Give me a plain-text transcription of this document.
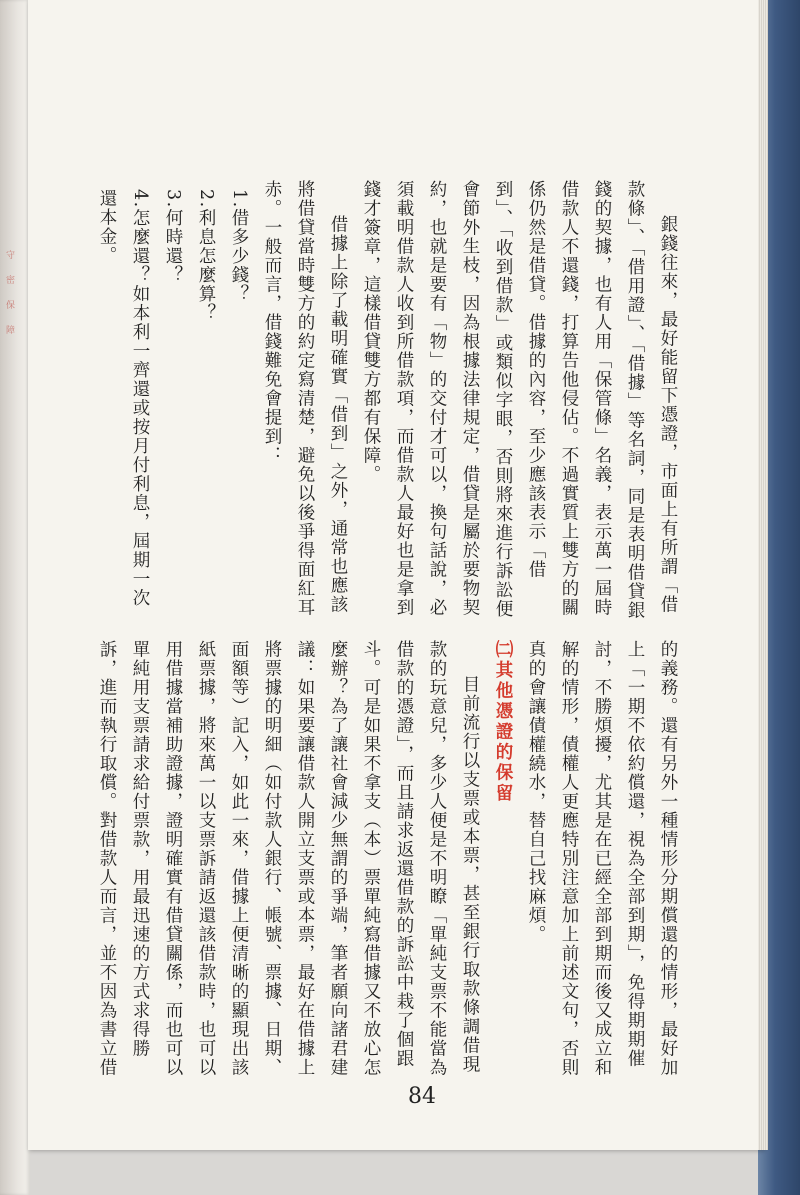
銀錢往來，最好能留下憑證，市面上有所謂「借款條」、「借用證」、「借據」等名詞，同是表明借貸銀錢的契據，也有人用「保管條」名義，表示萬一屆時借款人不還錢，打算告他侵佔。不過實質上雙方的關係仍然是借貸。借據的內容，至少應該表示「借到」、「收到借款」或類似字眼，否則將來進行訴訟便會節外生枝，因為根據法律規定，借貸是屬於要物契約，也就是要有「物」的交付才可以，換句話說，必須載明借款人收到所借款項，而借款人最好也是拿到錢才簽章，這樣借貸雙方都有保障。

借據上除了載明確實「借到」之外，通常也應該將借貸當時雙方的約定寫清楚，避免以後爭得面紅耳赤。一般而言，借錢難免會提到：

1.借多少錢？

2.利息怎麼算？

3.何時還？

4.怎麼還？如本利一齊還或按月付利息，屆期一次還本金。

的義務。還有另外一種情形分期償還的情形，最好加上「一期不依約償還，視為全部到期」，免得期期催討，不勝煩擾，尤其是在已經全部到期而後又成立和解的情形，債權人更應特別注意加上前述文句，否則真的會讓債權繞水，替自己找麻煩。

㈡其他憑證的保留

目前流行以支票或本票，甚至銀行取款條調借現款的玩意兒，多少人便是不明瞭「單純支票不能當為借款的憑證」，而且請求返還借款的訴訟中栽了個跟斗。可是如果不拿支（本）票單純寫借據又不放心怎麼辦？為了讓社會減少無謂的爭端，筆者願向諸君建議：如果要讓借款人開立支票或本票，最好在借據上將票據的明細（如付款人銀行、帳號、票據、日期、面額等）記入，如此一來，借據上便清晰的顯現出該紙票據，將來萬一以支票訴請返還該借款時，也可以用借據當補助證據，證明確實有借貸關係，而也可以單純用支票請求給付票款，用最迅速的方式求得勝訴，進而執行取償。對借款人而言，並不因為書立借

84
守
密
保
障
